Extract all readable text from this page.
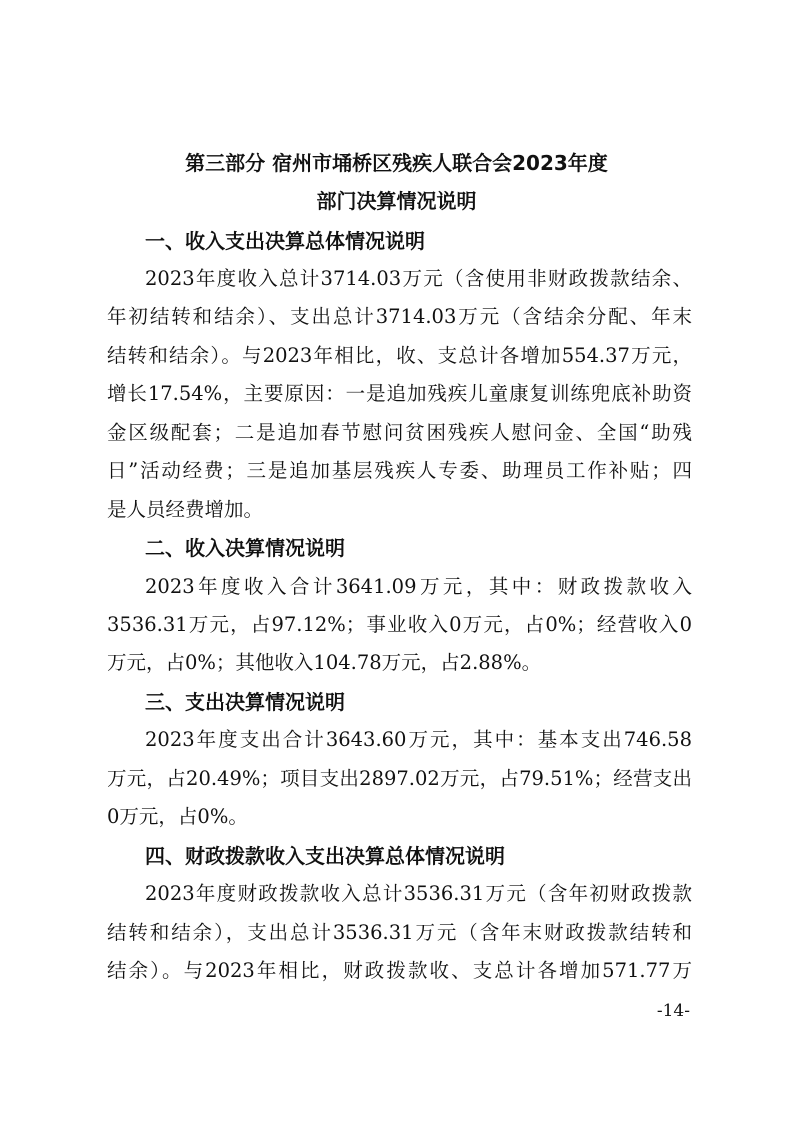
第三部分 宿州市埇桥区残疾人联合会2023年度
部门决算情况说明
一、收入支出决算总体情况说明
2023年度收入总计3714.03万元（含使用非财政拨款结余、
年初结转和结余）、支出总计3714.03万元（含结余分配、年末
结转和结余）。与2023年相比，收、支总计各增加554.37万元，
增长17.54%，主要原因：一是追加残疾儿童康复训练兜底补助资
金区级配套；二是追加春节慰问贫困残疾人慰问金、全国“助残
日”活动经费；三是追加基层残疾人专委、助理员工作补贴；四
是人员经费增加。
二、收入决算情况说明
2023年度收入合计3641.09万元，其中：财政拨款收入
3536.31万元，占97.12%；事业收入0万元，占0%；经营收入0
万元，占0%；其他收入104.78万元，占2.88%。
三、支出决算情况说明
2023年度支出合计3643.60万元，其中：基本支出746.58
万元，占20.49%；项目支出2897.02万元，占79.51%；经营支出
0万元，占0%。
四、财政拨款收入支出决算总体情况说明
2023年度财政拨款收入总计3536.31万元（含年初财政拨款
结转和结余），支出总计3536.31万元（含年末财政拨款结转和
结余）。与2023年相比，财政拨款收、支总计各增加571.77万
-14-
